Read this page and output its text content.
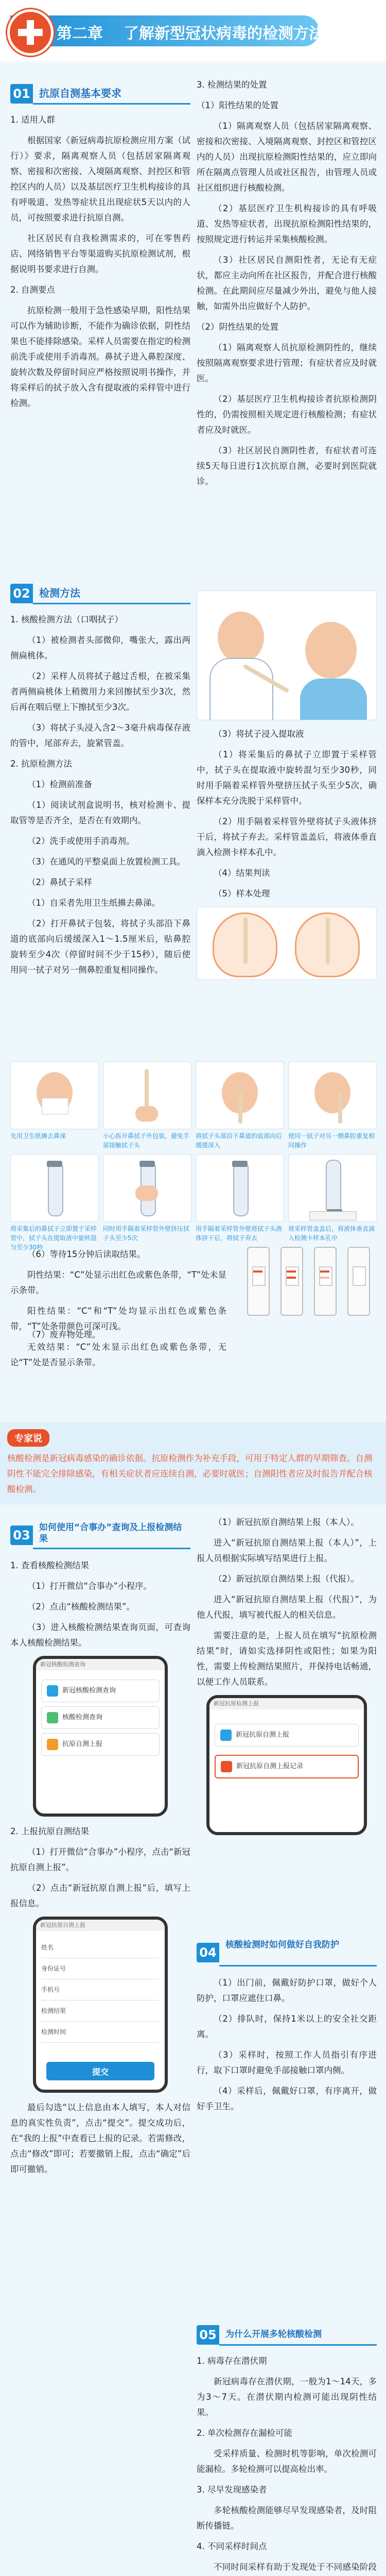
第二章 了解新型冠状病毒的检测方法
01 抗原自测基本要求

1. 适用人群

根据国家《新冠病毒抗原检测应用方案（试行）》要求，隔离观察人员（包括居家隔离观察、密接和次密接、入境隔离观察、封控区和管控区内的人员）以及基层医疗卫生机构接诊的具有呼吸道、发热等症状且出现症状5天以内的人员，可按照要求进行抗原自测。

社区居民有自我检测需求的，可在零售药店、网络销售平台等渠道购买抗原检测试剂，根据说明书要求进行自测。

2. 自测要点

抗原检测一般用于急性感染早期，阳性结果可以作为辅助诊断，不能作为确诊依据，阴性结果也不能排除感染。采样人员需要在指定的检测前洗手或使用手消毒剂。鼻拭子进入鼻腔深度、旋转次数及停留时间应严格按照说明书操作，并将采样后的拭子放入含有提取液的采样管中进行检测。

3. 检测结果的处置

（1）阳性结果的处置

（1）隔离观察人员（包括居家隔离观察、密接和次密接、入境隔离观察、封控区和管控区内的人员）出现抗原检测阳性结果的，应立即向所在隔离点管理人员或社区报告，由管理人员或社区组织进行核酸检测。

（2）基层医疗卫生机构接诊的具有呼吸道、发热等症状者，出现抗原检测阳性结果的，按照规定进行转运并采集核酸检测。

（3）社区居民自测阳性者，无论有无症状，都应主动向所在社区报告，并配合进行核酸检测。在此期间应尽量减少外出，避免与他人接触，如需外出应做好个人防护。

（2）阴性结果的处置

（1）隔离观察人员抗原检测阴性的，继续按照隔离观察要求进行管理；有症状者应及时就医。

（2）基层医疗卫生机构接诊者抗原检测阴性的，仍需按照相关规定进行核酸检测；有症状者应及时就医。

（3）社区居民自测阴性者，有症状者可连续5天每日进行1次抗原自测，必要时到医院就诊。

02 检测方法

1. 核酸检测方法（口咽拭子）

（1）被检测者头部微仰，嘴张大，露出两侧扁桃体。

（2）采样人员将拭子越过舌根，在被采集者两侧扁桃体上稍微用力来回擦拭至少3次，然后再在咽后壁上下擦拭至少3次。

（3）将拭子头浸入含2～3毫升病毒保存液的管中，尾部弃去，旋紧管盖。

2. 抗原检测方法

（1）检测前准备

（1）阅读试剂盒说明书，核对检测卡、提取管等是否齐全，是否在有效期内。

（2）洗手或使用手消毒剂。

（3）在通风的平整桌面上放置检测工具。

（2）鼻拭子采样

（1）自采者先用卫生纸擤去鼻涕。

（2）打开鼻拭子包装，将拭子头部沿下鼻道的底部向后缓缓深入1～1.5厘米后，贴鼻腔旋转至少4次（停留时间不少于15秒），随后使用同一拭子对另一侧鼻腔重复相同操作。

（3）将拭子浸入提取液

（1）将采集后的鼻拭子立即置于采样管中，拭子头在提取液中旋转混匀至少30秒，同时用手隔着采样管外壁挤压拭子头至少5次，确保样本充分洗脱于采样管中。

（2）用手隔着采样管外壁将拭子头液体挤干后，将拭子弃去。采样管盖盖后，将液体垂直滴入检测卡样本孔中。

（4）结果判读

（5）样本处理

先用卫生纸擤去鼻涕	小心拆开鼻拭子外包装，避免手部接触拭子头
将拭子头部沿下鼻道的底部向后缓缓深入
使同一拭子对另一侧鼻腔重复相同操作
将采集后的鼻拭子立即置于采样管中，拭子头在提取液中旋转混匀至少30秒
同时用手隔着采样管外壁挤压拭子头至少5次
用手隔着采样管外壁将拭子头液体挤干后，将拭子弃去
将采样管盖盖后，将液体垂直滴入检测卡样本孔中

（6）等待15分钟后读取结果。

阴性结果：“C”处显示出红色或紫色条带，“T”处未显示条带。

阳性结果：“C”和“T”处均显示出红色或紫色条带，“T”处条带颜色可深可浅。

无效结果：“C”处未显示出红色或紫色条带，无论“T”处是否显示条带。

（7）废弃物处理。

专家说
核酸检测是新冠病毒感染的确诊依据。抗原检测作为补充手段，可用于特定人群的早期筛查。自测阴性不能完全排除感染，有相关症状者应连续自测，必要时就医；自测阳性者应及时报告并配合核酸检测。
03
如何使用“合事办”查询及上报检测结果

1. 查看核酸检测结果

（1）打开微信“合事办”小程序。

（2）点击“核酸检测结果”。

（3）进入核酸检测结果查询页面，可查询本人核酸检测结果。

新冠核酸检测查询
新冠核酸检测查询
核酸检测查询
抗原自测上报

2. 上报抗原自测结果

（1）打开微信“合事办”小程序，点击“新冠抗原自测上报”。

（2）点击“新冠抗原自测上报”后，填写上报信息。

新冠抗原自测上报
姓名
身份证号
手机号
检测结果
检测时间
提交

最后勾选“以上信息由本人填写，本人对信息的真实性负责”，点击“提交”。提交成功后，在“我的上报”中查看已上报的记录。若需修改，点击“修改”即可；若要撤销上报，点击“确定”后即可撤销。

（1）新冠抗原自测结果上报（本人）。

进入“新冠抗原自测结果上报（本人）”，上报人员根据实际填写结果进行上报。

（2）新冠抗原自测结果上报（代报）。

进入“新冠抗原自测结果上报（代报）”，为他人代报，填写被代报人的相关信息。

需要注意的是，上报人员在填写“抗原检测结果”时，请如实选择阴性或阳性；如果为阳性，需要上传检测结果照片，并保持电话畅通，以便工作人员联系。

新冠抗原检测上报
新冠抗原自测上报
新冠抗原自测上报记录
04
核酸检测时如何做好自我防护

（1）出门前，佩戴好防护口罩，做好个人防护，口罩应遮住口鼻。

（2）排队时，保持1米以上的安全社交距离。

（3）采样时，按照工作人员指引有序进行，取下口罩时避免手部接触口罩内侧。

（4）采样后，佩戴好口罩，有序离开，做好手卫生。

05	为什么开展多轮核酸检测

1. 病毒存在潜伏期

新冠病毒存在潜伏期，一般为1～14天，多为3～7天。在潜伏期内检测可能出现阴性结果。

2. 单次检测存在漏检可能

受采样质量、检测时机等影响，单次检测可能漏检。多轮检测可以提高检出率。

3. 尽早发现感染者

多轮核酸检测能够尽早发现感染者，及时阻断传播链。

4. 不同采样时间点

不同时间采样有助于发现处于不同感染阶段
